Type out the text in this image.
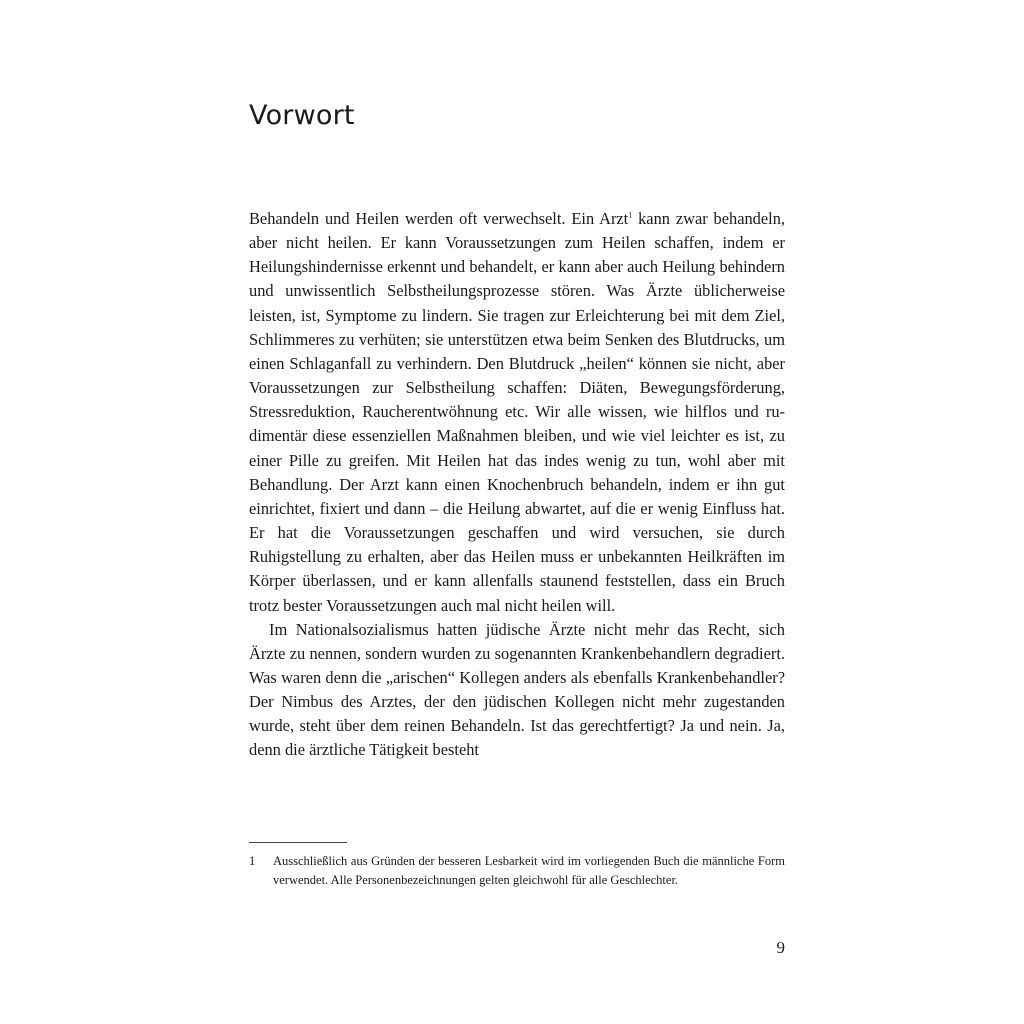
Vorwort

Behandeln und Heilen werden oft verwechselt. Ein Arzt$^1$ kann zwar behandeln, aber nicht heilen. Er kann Voraussetzungen zum Heilen schaffen, indem er Heilungshindernisse erkennt und behandelt, er kann aber auch Heilung behindern und unwissentlich Selbstheilungsprozesse stören. Was Ärzte üblicherweise leisten, ist, Symptome zu lindern. Sie tragen zur Erleichterung bei mit dem Ziel, Schlimmeres zu verhüten; sie unterstützen etwa beim Senken des Blutdrucks, um einen Schlaganfall zu verhindern. Den Blutdruck „heilen“ können sie nicht, aber Voraussetzungen zur Selbstheilung schaffen: Diäten, Bewegungsförderung, Stressreduktion, Raucherentwöhnung etc. Wir alle wissen, wie hilflos und rudimentär diese essenziellen Maßnahmen bleiben, und wie viel leichter es ist, zu einer Pille zu greifen. Mit Heilen hat das indes wenig zu tun, wohl aber mit Behandlung. Der Arzt kann einen Knochenbruch behandeln, indem er ihn gut einrichtet, fixiert und dann – die Heilung abwartet, auf die er wenig Einfluss hat. Er hat die Voraussetzungen geschaffen und wird versuchen, sie durch Ruhigstellung zu erhalten, aber das Heilen muss er unbekannten Heilkräften im Körper überlassen, und er kann allenfalls staunend feststellen, dass ein Bruch trotz bester Voraussetzungen auch mal nicht heilen will.

Im Nationalsozialismus hatten jüdische Ärzte nicht mehr das Recht, sich Ärzte zu nennen, sondern wurden zu sogenannten Krankenbehandlern degradiert. Was waren denn die „arischen“ Kollegen anders als ebenfalls Krankenbehandler? Der Nimbus des Arztes, der den jüdischen Kollegen nicht mehr zugestanden wurde, steht über dem reinen Behandeln. Ist das gerechtfertigt? Ja und nein. Ja, denn die ärztliche Tätigkeit besteht

1	Ausschließlich aus Gründen der besseren Lesbarkeit wird im vorliegenden Buch die männliche Form verwendet. Alle Personenbezeichnungen gelten gleichwohl für alle Geschlechter.
9
